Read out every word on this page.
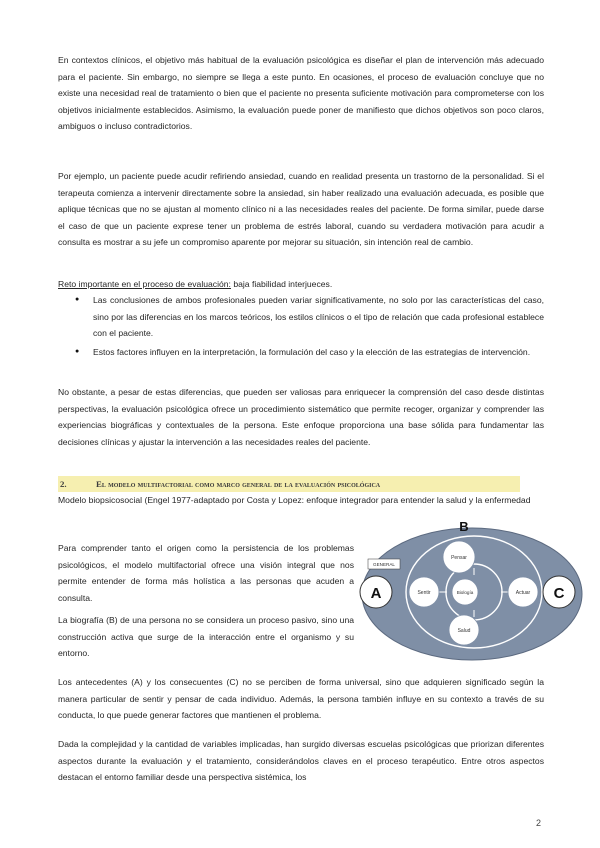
En contextos clínicos, el objetivo más habitual de la evaluación psicológica es diseñar el plan de intervención más adecuado para el paciente. Sin embargo, no siempre se llega a este punto. En ocasiones, el proceso de evaluación concluye que no existe una necesidad real de tratamiento o bien que el paciente no presenta suficiente motivación para comprometerse con los objetivos inicialmente establecidos. Asimismo, la evaluación puede poner de manifiesto que dichos objetivos son poco claros, ambiguos o incluso contradictorios.

Por ejemplo, un paciente puede acudir refiriendo ansiedad, cuando en realidad presenta un trastorno de la personalidad. Si el terapeuta comienza a intervenir directamente sobre la ansiedad, sin haber realizado una evaluación adecuada, es posible que aplique técnicas que no se ajustan al momento clínico ni a las necesidades reales del paciente. De forma similar, puede darse el caso de que un paciente exprese tener un problema de estrés laboral, cuando su verdadera motivación para acudir a consulta es mostrar a su jefe un compromiso aparente por mejorar su situación, sin intención real de cambio.

Reto importante en el proceso de evaluación: baja fiabilidad interjueces.

● Las conclusiones de ambos profesionales pueden variar significativamente, no solo por las características del caso, sino por las diferencias en los marcos teóricos, los estilos clínicos o el tipo de relación que cada profesional establece con el paciente.
● Estos factores influyen en la interpretación, la formulación del caso y la elección de las estrategias de intervención.

No obstante, a pesar de estas diferencias, que pueden ser valiosas para enriquecer la comprensión del caso desde distintas perspectivas, la evaluación psicológica ofrece un procedimiento sistemático que permite recoger, organizar y comprender las experiencias biográficas y contextuales de la persona. Este enfoque proporciona una base sólida para fundamentar las decisiones clínicas y ajustar la intervención a las necesidades reales del paciente.

2.	El modelo multifactorial como marco general de la evaluación psicológica

Modelo biopsicosocial (Engel 1977-adaptado por Costa y Lopez: enfoque integrador para entender la salud y la enfermedad

Para comprender tanto el origen como la persistencia de los problemas psicológicos, el modelo multifactorial ofrece una visión integral que nos permite entender de forma más holística a las personas que acuden a consulta.

La biografía (B) de una persona no se considera un proceso pasivo, sino una construcción activa que surge de la interacción entre el organismo y su entorno.

Pensar
Sentir	Actuar
Salud
Biología
GENERAL
A	C
B

Los antecedentes (A) y los consecuentes (C) no se perciben de forma universal, sino que adquieren significado según la manera particular de sentir y pensar de cada individuo. Además, la persona también influye en su contexto a través de su conducta, lo que puede generar factores que mantienen el problema.

Dada la complejidad y la cantidad de variables implicadas, han surgido diversas escuelas psicológicas que priorizan diferentes aspectos durante la evaluación y el tratamiento, considerándolos claves en el proceso terapéutico. Entre otros aspectos destacan el entorno familiar desde una perspectiva sistémica, los

2
